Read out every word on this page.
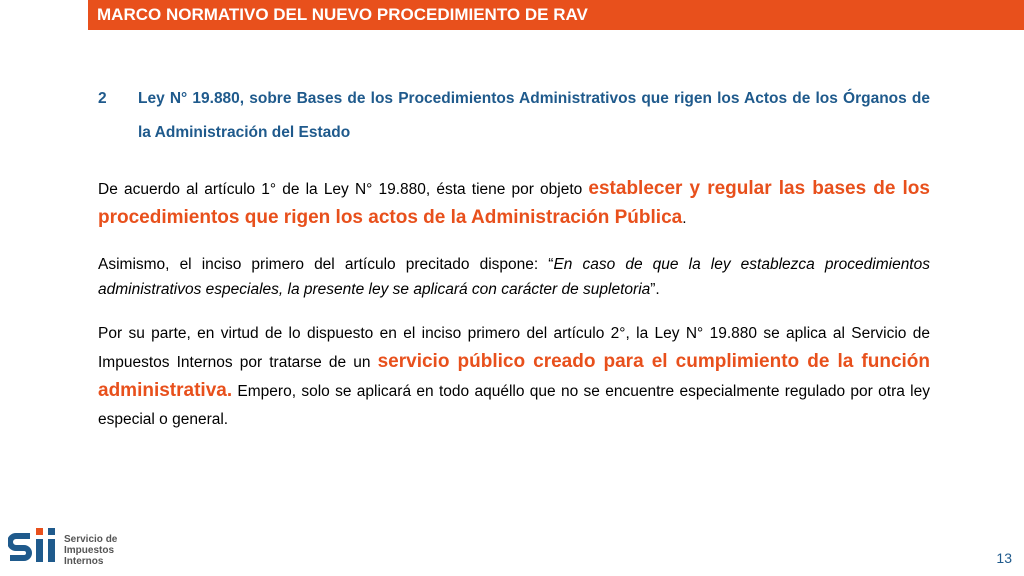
MARCO NORMATIVO DEL NUEVO PROCEDIMIENTO DE RAV
2 Ley N° 19.880, sobre Bases de los Procedimientos Administrativos que rigen los Actos de los Órganos de la Administración del Estado
De acuerdo al artículo 1° de la Ley N° 19.880, ésta tiene por objeto establecer y regular las bases de los procedimientos que rigen los actos de la Administración Pública.
Asimismo, el inciso primero del artículo precitado dispone: “En caso de que la ley establezca procedimientos administrativos especiales, la presente ley se aplicará con carácter de supletoria”.
Por su parte, en virtud de lo dispuesto en el inciso primero del artículo 2°, la Ley N° 19.880 se aplica al Servicio de Impuestos Internos por tratarse de un servicio público creado para el cumplimiento de la función administrativa. Empero, solo se aplicará en todo aquéllo que no se encuentre especialmente regulado por otra ley especial o general.
Servicio de
Impuestos
Internos	13
